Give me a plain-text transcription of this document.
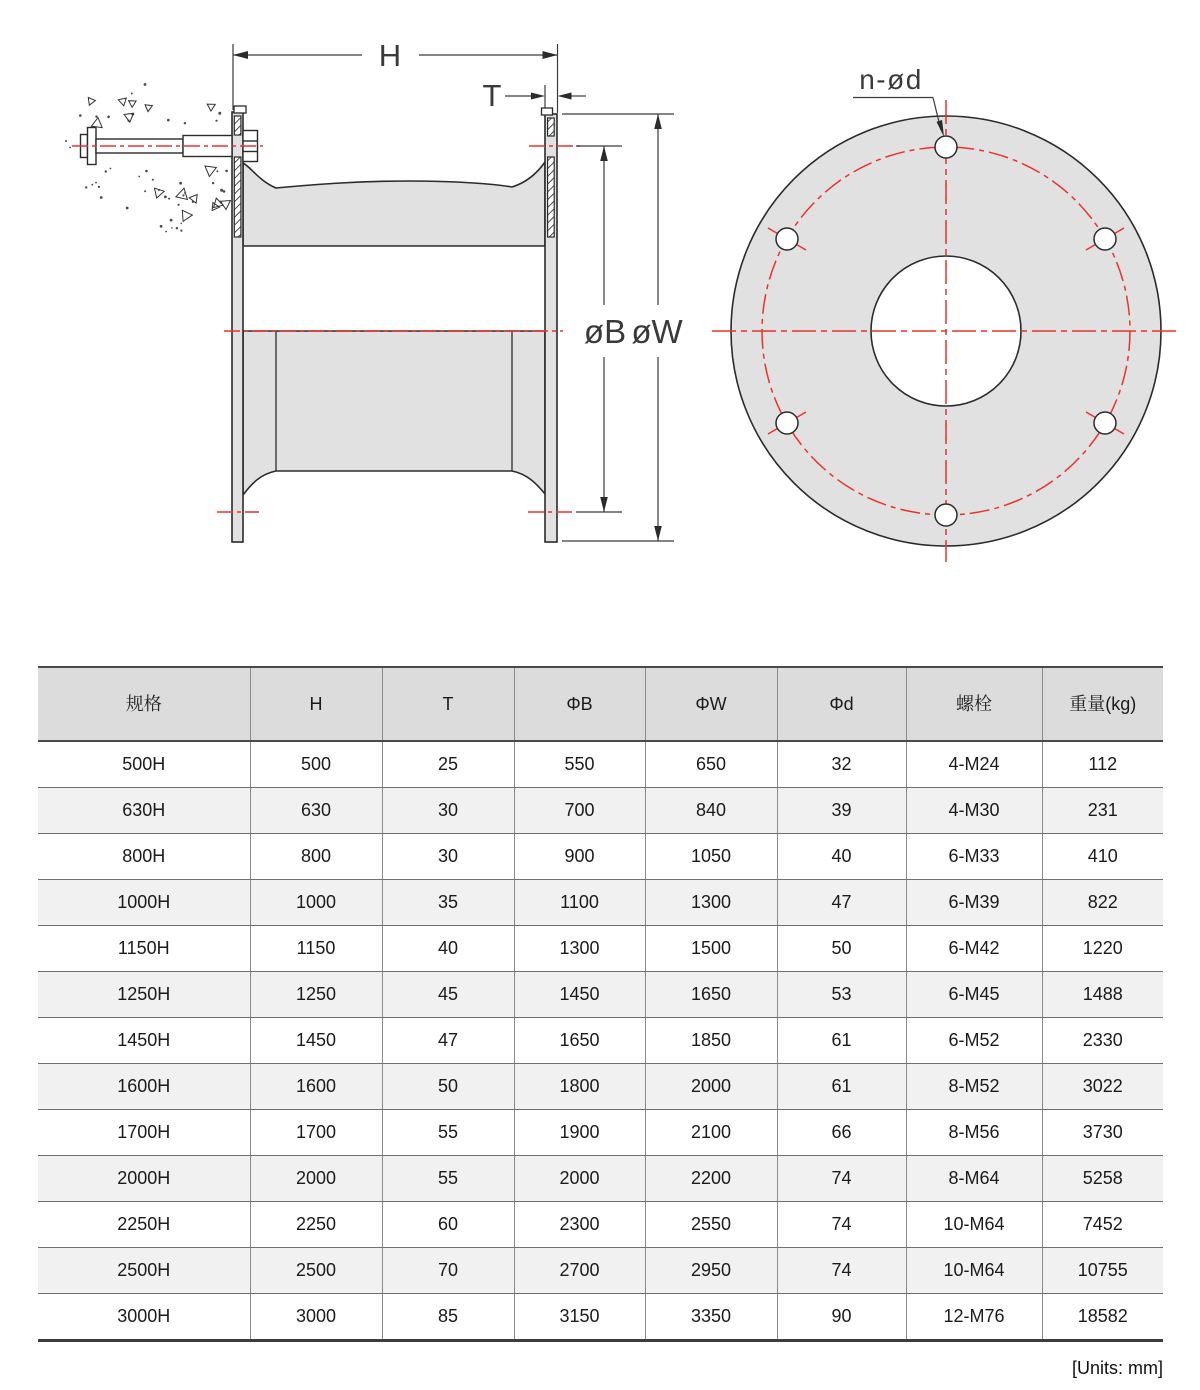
H
T
øB øW
n-ød
规格	H	T	ΦB	ΦW	Φd	螺栓	重量(kg)
500H	500	25	550	650	32	4-M24	112
630H	630	30	700	840	39	4-M30	231
800H	800	30	900	1050	40	6-M33	410
1000H	1000	35	1100	1300	47	6-M39	822
1150H	1150	40	1300	1500	50	6-M42	1220
1250H	1250	45	1450	1650	53	6-M45	1488
1450H	1450	47	1650	1850	61	6-M52	2330
1600H	1600	50	1800	2000	61	8-M52	3022
1700H	1700	55	1900	2100	66	8-M56	3730
2000H	2000	55	2000	2200	74	8-M64	5258
2250H	2250	60	2300	2550	74	10-M64	7452
2500H	2500	70	2700	2950	74	10-M64	10755
3000H	3000	85	3150	3350	90	12-M76	18582
[Units: mm]
